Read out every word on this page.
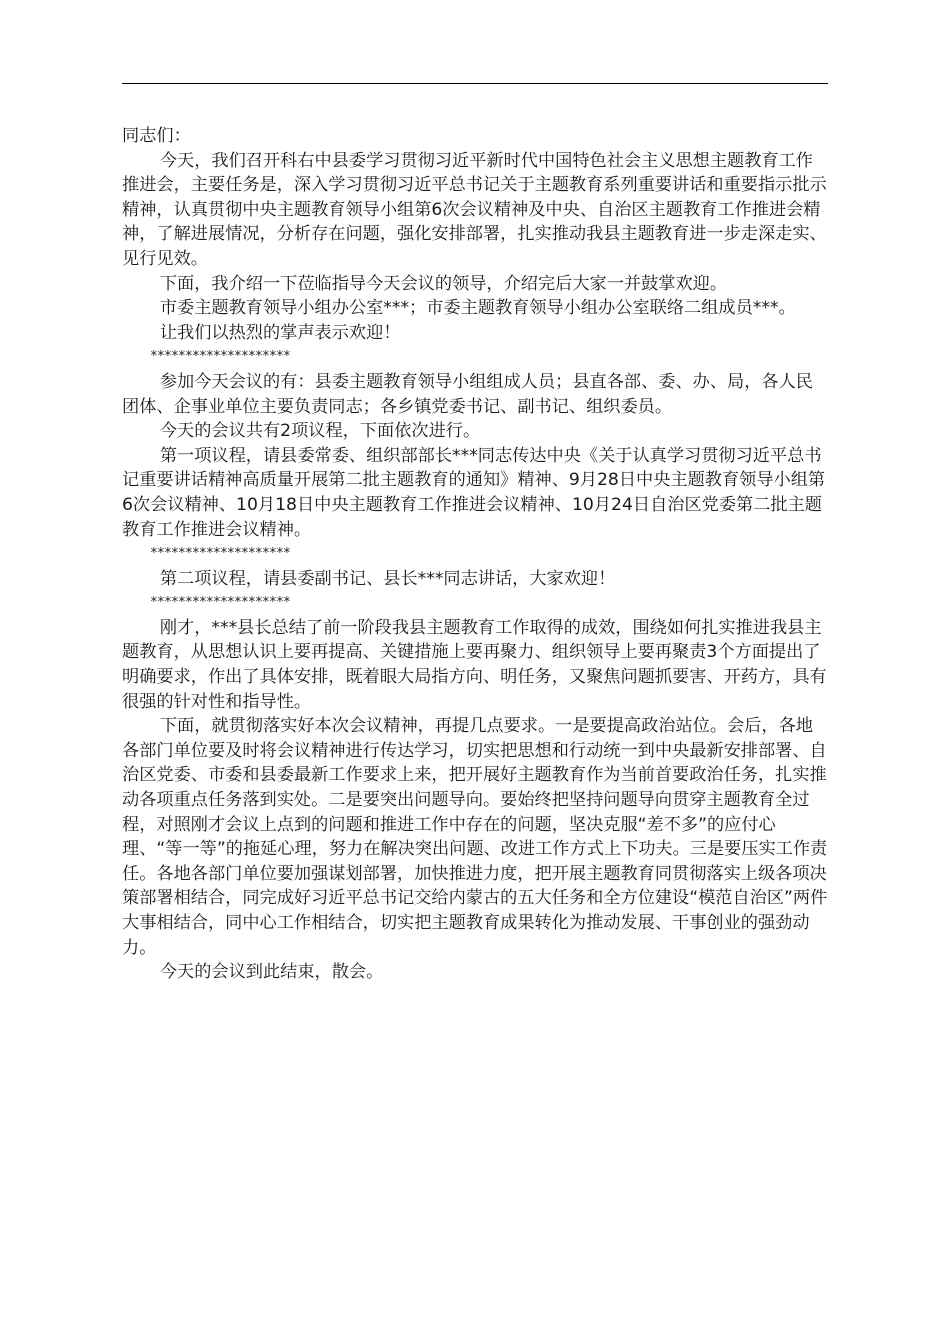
同志们：

今天，我们召开科右中县委学习贯彻习近平新时代中国特色社会主义思想主题教育工作推进会，主要任务是，深入学习贯彻习近平总书记关于主题教育系列重要讲话和重要指示批示精神，认真贯彻中央主题教育领导小组第6次会议精神及中央、自治区主题教育工作推进会精神，了解进展情况，分析存在问题，强化安排部署，扎实推动我县主题教育进一步走深走实、见行见效。

下面，我介绍一下莅临指导今天会议的领导，介绍完后大家一并鼓掌欢迎。

市委主题教育领导小组办公室***；市委主题教育领导小组办公室联络二组成员***。

让我们以热烈的掌声表示欢迎！

********************

参加今天会议的有：县委主题教育领导小组组成人员；县直各部、委、办、局，各人民团体、企事业单位主要负责同志；各乡镇党委书记、副书记、组织委员。

今天的会议共有2项议程，下面依次进行。

第一项议程，请县委常委、组织部部长***同志传达中央《关于认真学习贯彻习近平总书记重要讲话精神高质量开展第二批主题教育的通知》精神、9月28日中央主题教育领导小组第6次会议精神、10月18日中央主题教育工作推进会议精神、10月24日自治区党委第二批主题教育工作推进会议精神。

********************

第二项议程，请县委副书记、县长***同志讲话，大家欢迎！

********************

刚才，***县长总结了前一阶段我县主题教育工作取得的成效，围绕如何扎实推进我县主题教育，从思想认识上要再提高、关键措施上要再聚力、组织领导上要再聚责3个方面提出了明确要求，作出了具体安排，既着眼大局指方向、明任务，又聚焦问题抓要害、开药方，具有很强的针对性和指导性。

下面，就贯彻落实好本次会议精神，再提几点要求。一是要提高政治站位。会后，各地各部门单位要及时将会议精神进行传达学习，切实把思想和行动统一到中央最新安排部署、自治区党委、市委和县委最新工作要求上来，把开展好主题教育作为当前首要政治任务，扎实推动各项重点任务落到实处。二是要突出问题导向。要始终把坚持问题导向贯穿主题教育全过程，对照刚才会议上点到的问题和推进工作中存在的问题，坚决克服“差不多”的应付心理、“等一等”的拖延心理，努力在解决突出问题、改进工作方式上下功夫。三是要压实工作责任。各地各部门单位要加强谋划部署，加快推进力度，把开展主题教育同贯彻落实上级各项决策部署相结合，同完成好习近平总书记交给内蒙古的五大任务和全方位建设“模范自治区”两件大事相结合，同中心工作相结合，切实把主题教育成果转化为推动发展、干事创业的强劲动力。

今天的会议到此结束，散会。
